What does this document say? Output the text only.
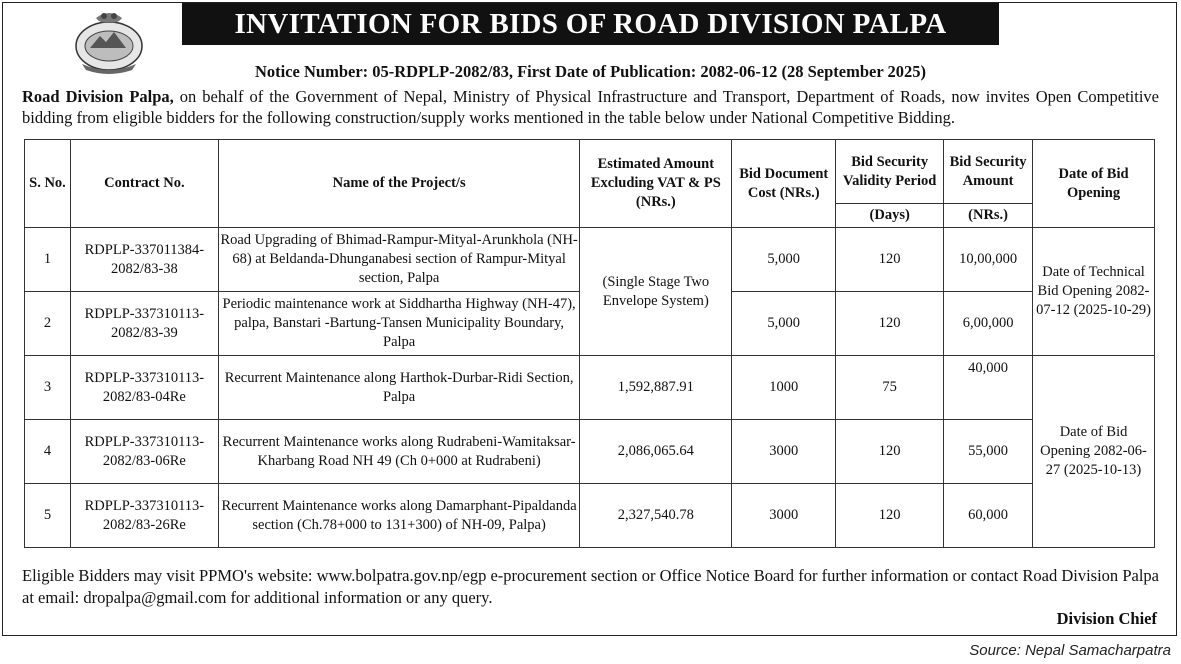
INVITATION FOR BIDS OF ROAD DIVISION PALPA
Notice Number: 05-RDPLP-2082/83, First Date of Publication: 2082-06-12 (28 September 2025)
Road Division Palpa, on behalf of the Government of Nepal, Ministry of Physical Infrastructure and Transport, Department of Roads, now invites Open Competitive bidding from eligible bidders for the following construction/supply works mentioned in the table below under National Competitive Bidding.
S. No.	Contract No.	Name of the Project/s	Estimated Amount Excluding VAT & PS (NRs.)	Bid Document Cost (NRs.)	Bid Security Validity Period	Bid Security Amount	Date of Bid Opening
					(Days)	(NRs.)	
1	RDPLP-337011384-2082/83-38	Road Upgrading of Bhimad-Rampur-Mityal-Arunkhola (NH-68) at Beldanda-Dhunganabesi section of Rampur-Mityal section, Palpa	(Single Stage Two Envelope System)	5,000	120	10,00,000	Date of Technical Bid Opening 2082-07-12 (2025-10-29)
2	RDPLP-337310113-2082/83-39	Periodic maintenance work at Siddhartha Highway (NH-47), palpa, Banstari -Bartung-Tansen Municipality Boundary, Palpa		5,000	120	6,00,000	
3	RDPLP-337310113-2082/83-04Re	Recurrent Maintenance along Harthok-Durbar-Ridi Section, Palpa	1,592,887.91	1000	75	40,000	Date of Bid Opening 2082-06-27 (2025-10-13)
4	RDPLP-337310113-2082/83-06Re	Recurrent Maintenance works along Rudrabeni-Wamitaksar-Kharbang Road NH 49 (Ch 0+000 at Rudrabeni)	2,086,065.64	3000	120	55,000	
5	RDPLP-337310113-2082/83-26Re	Recurrent Maintenance works along Damarphant-Pipaldanda section (Ch.78+000 to 131+300) of NH-09, Palpa)	2,327,540.78	3000	120	60,000	
Eligible Bidders may visit PPMO's website: www.bolpatra.gov.np/egp e-procurement section or Office Notice Board for further information or contact Road Division Palpa at email: dropalpa@gmail.com for additional information or any query.
Division Chief
Source: Nepal Samacharpatra
